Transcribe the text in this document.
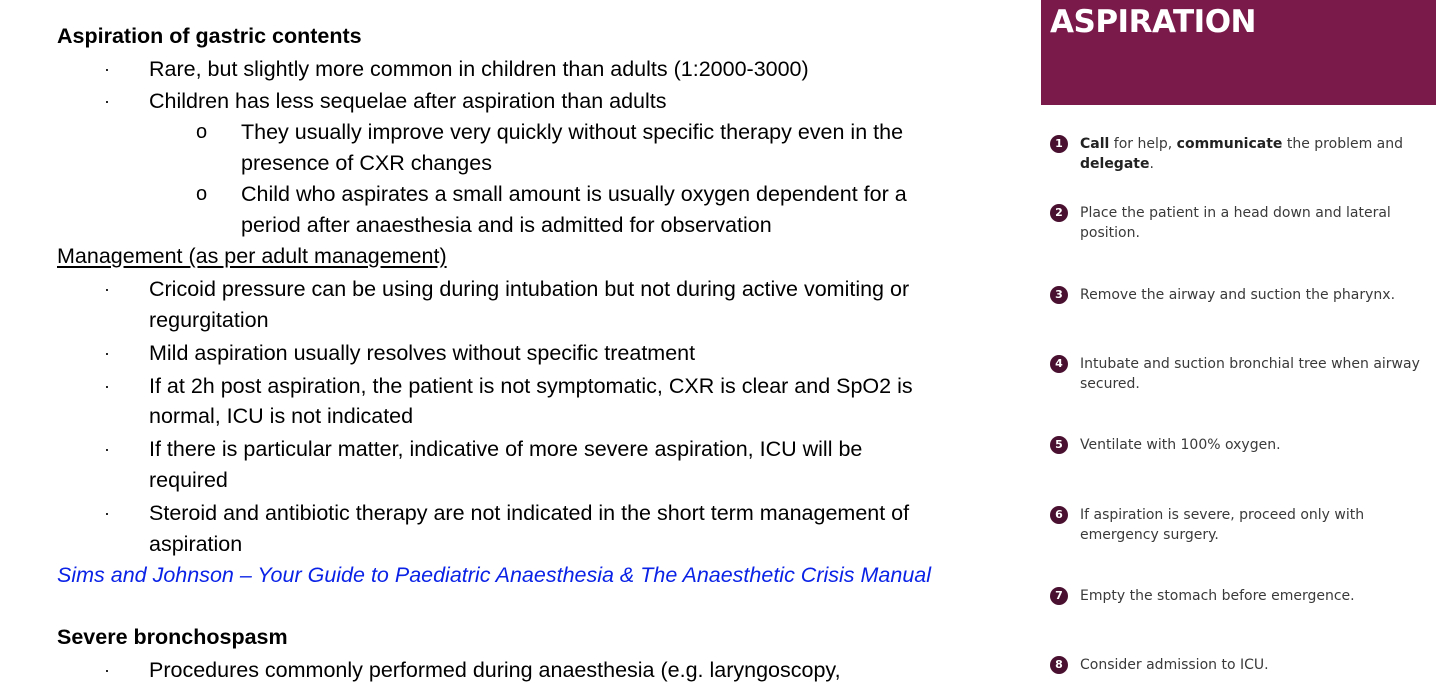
Aspiration of gastric contents
· Rare, but slightly more common in children than adults (1:2000-3000)
· Children has less sequelae after aspiration than adults
o They usually improve very quickly without specific therapy even in the
presence of CXR changes
o Child who aspirates a small amount is usually oxygen dependent for a
period after anaesthesia and is admitted for observation
Management (as per adult management)
· Cricoid pressure can be using during intubation but not during active vomiting or
regurgitation
· Mild aspiration usually resolves without specific treatment
· If at 2h post aspiration, the patient is not symptomatic, CXR is clear and SpO2 is
normal, ICU is not indicated
· If there is particular matter, indicative of more severe aspiration, ICU will be
required
· Steroid and antibiotic therapy are not indicated in the short term management of
aspiration
Sims and Johnson – Your Guide to Paediatric Anaesthesia & The Anaesthetic Crisis Manual
Severe bronchospasm
· Procedures commonly performed during anaesthesia (e.g. laryngoscopy,
ASPIRATION
1	Call for help, communicate the problem and delegate.
2	Place the patient in a head down and lateral position.
3	Remove the airway and suction the pharynx.
4	Intubate and suction bronchial tree when airway secured.
5	Ventilate with 100% oxygen.
6	If aspiration is severe, proceed only with emergency surgery.
7	Empty the stomach before emergence.
8	Consider admission to ICU.
